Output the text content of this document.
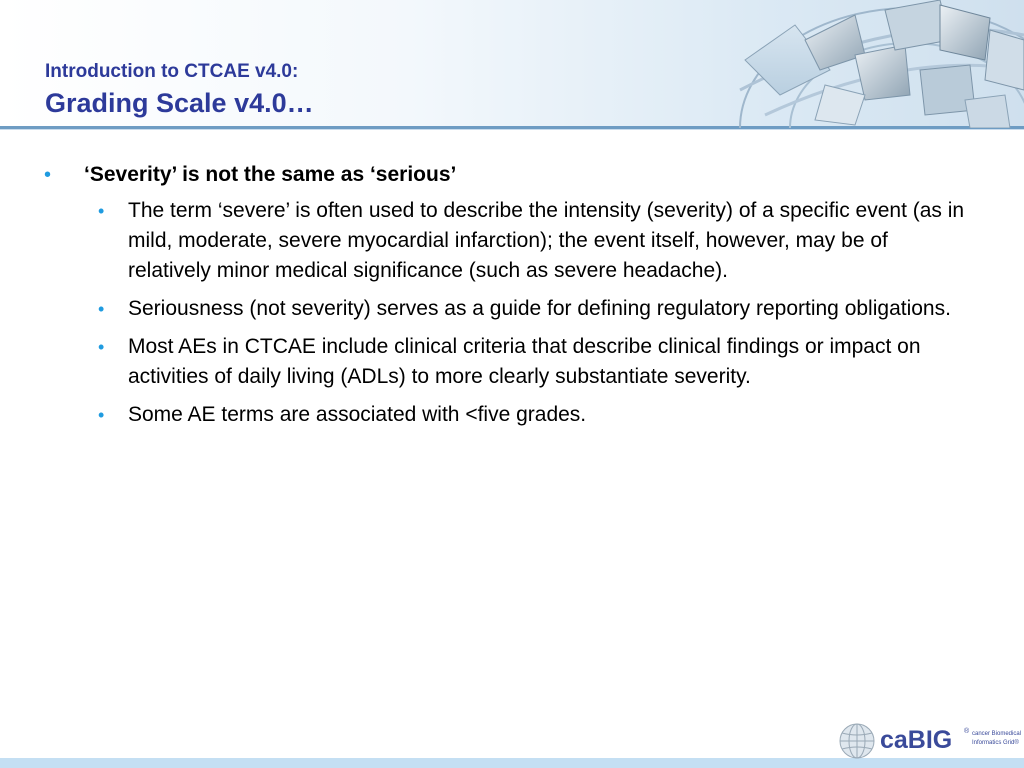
Introduction to CTCAE v4.0:
Grading Scale v4.0…
• ‘Severity’ is not the same as ‘serious’
• The term ‘severe’ is often used to describe the intensity (severity) of a specific event (as in mild, moderate, severe myocardial infarction); the event itself, however, may be of relatively minor medical significance (such as severe headache).
• Seriousness (not severity) serves as a guide for defining regulatory reporting obligations.
• Most AEs in CTCAE include clinical criteria that describe clinical findings or impact on activities of daily living (ADLs) to more clearly substantiate severity.
• Some AE terms are associated with <five grades.
caBIG ® cancer Biomedical
Informatics Grid®
